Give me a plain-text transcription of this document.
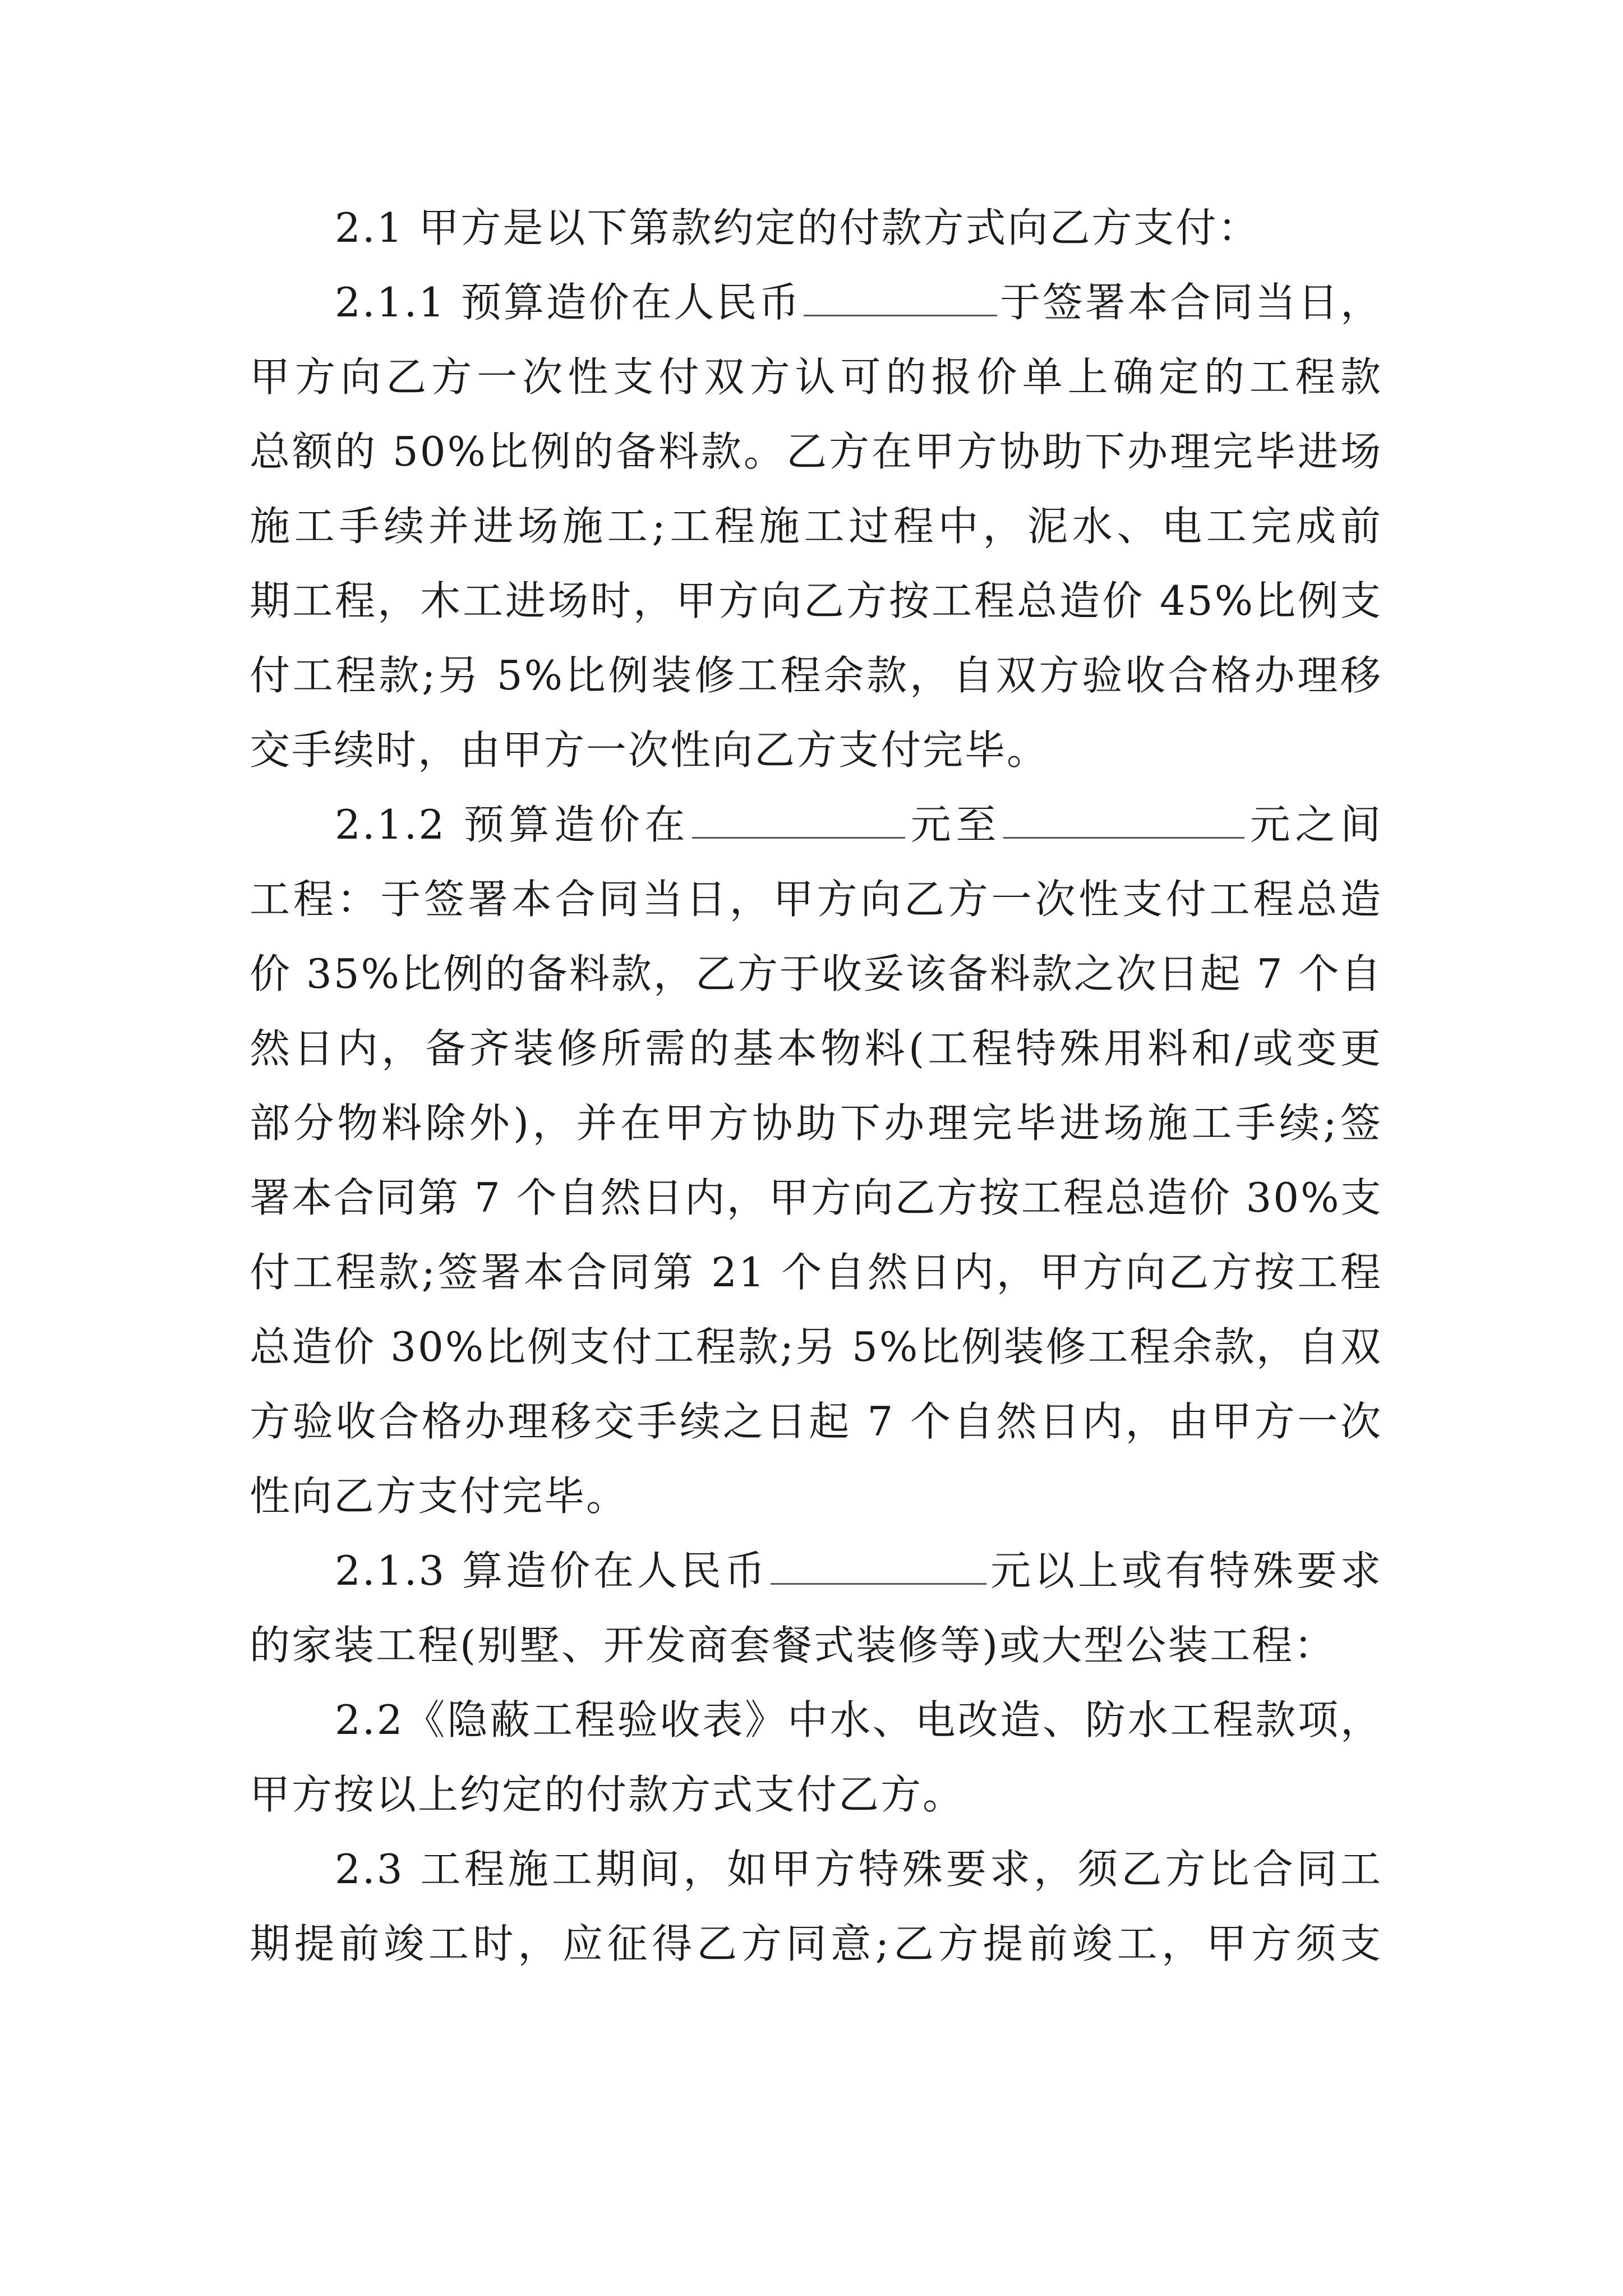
2.1 甲方是以下第款约定的付款方式向乙方支付：

2.1.1 预算造价在人民币	于签署本合同当日，
甲方向乙方一次性支付双方认可的报价单上确定的工程款
总额的 50%比例的备料款。乙方在甲方协助下办理完毕进场
施工手续并进场施工;工程施工过程中，泥水、电工完成前
期工程，木工进场时，甲方向乙方按工程总造价 45%比例支
付工程款;另 5%比例装修工程余款，自双方验收合格办理移
交手续时，由甲方一次性向乙方支付完毕。

2.1.2 预算造价在	元至	元之间
工程：于签署本合同当日，甲方向乙方一次性支付工程总造
价 35%比例的备料款，乙方于收妥该备料款之次日起 7 个自
然日内，备齐装修所需的基本物料(工程特殊用料和/或变更
部分物料除外)，并在甲方协助下办理完毕进场施工手续;签
署本合同第 7 个自然日内，甲方向乙方按工程总造价 30%支
付工程款;签署本合同第 21 个自然日内，甲方向乙方按工程
总造价 30%比例支付工程款;另 5%比例装修工程余款，自双
方验收合格办理移交手续之日起 7 个自然日内，由甲方一次
性向乙方支付完毕。

2.1.3 算造价在人民币	元以上或有特殊要求
的家装工程(别墅、开发商套餐式装修等)或大型公装工程：

2.2《隐蔽工程验收表》中水、电改造、防水工程款项，
甲方按以上约定的付款方式支付乙方。

2.3 工程施工期间，如甲方特殊要求，须乙方比合同工
期提前竣工时，应征得乙方同意;乙方提前竣工，甲方须支
